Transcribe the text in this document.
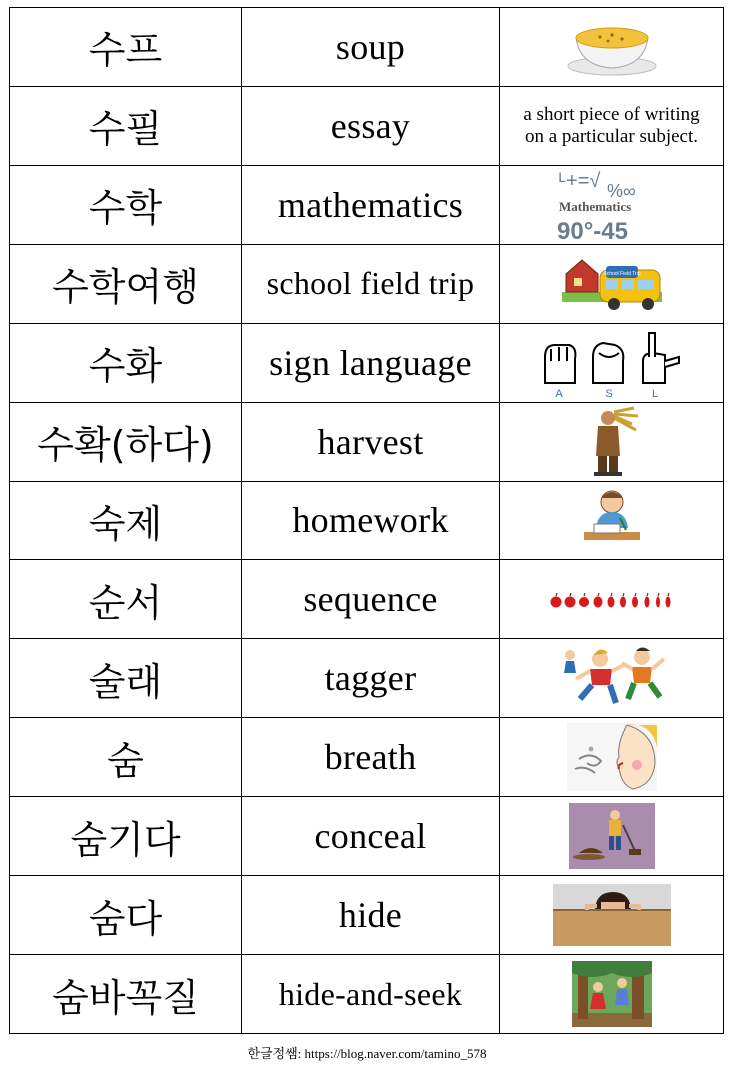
수프	soup	
수필	essay	a short piece of writing
on a particular subject.

수학	mathematics	ᴸ+=√ %∞
Mathematics
90°-45

수학여행	school field trip	School Field Trip

수화	sign language	A S L

수확(하다)	harvest	
숙제	homework	
순서	sequence	
술래	tagger	
숨	breath	
숨기다	conceal	
숨다	hide	
숨바꼭질	hide-and-seek	
한글정쌤: https://blog.naver.com/tamino_578
